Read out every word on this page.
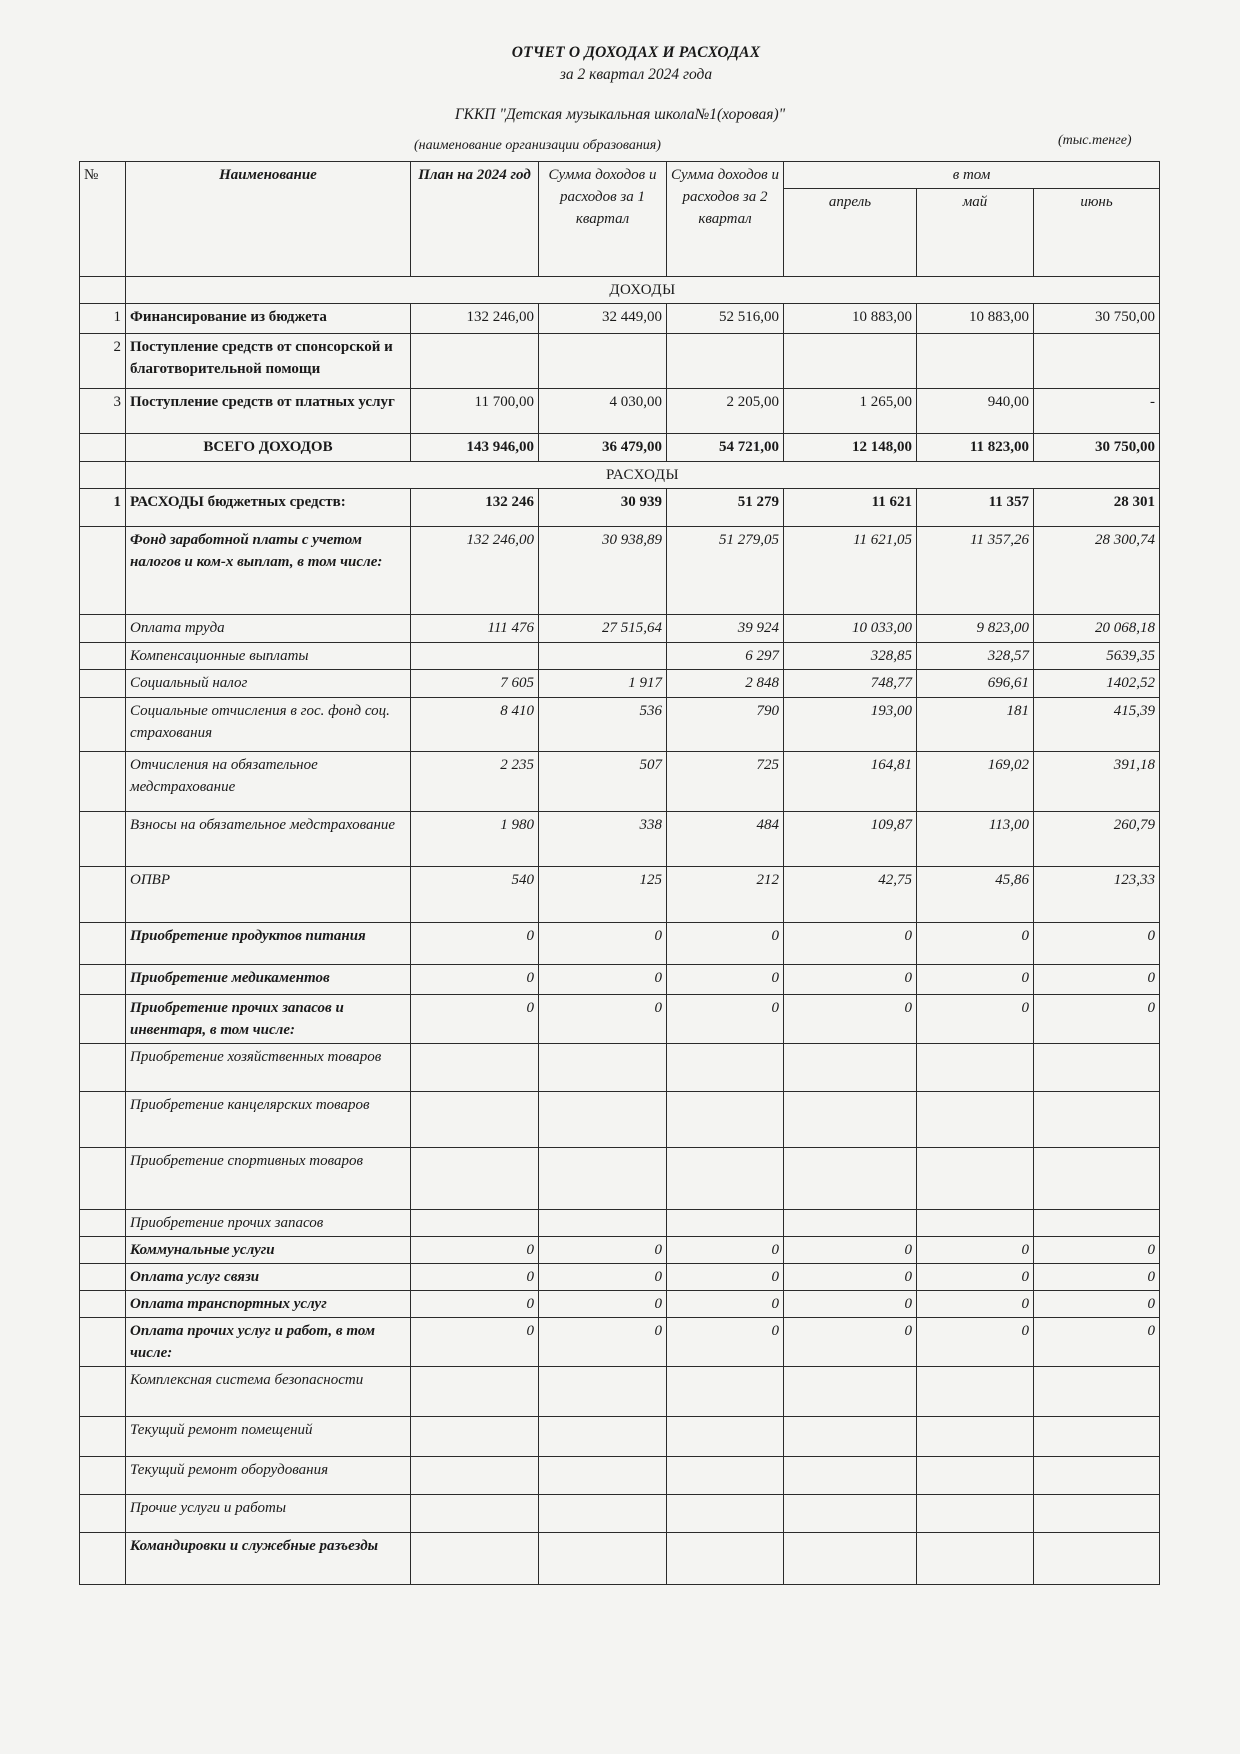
ОТЧЕТ О ДОХОДАХ И РАСХОДАХ
за 2 квартал 2024 года
ГККП "Детская музыкальная школа№1(хоровая)"
(наименование организации образования)	(тыс.тенге)
№	Наименование	План на 2024 год	Сумма доходов и расходов за 1 квартал	Сумма доходов и расходов за 2 квартал	в том		
					апрель	май	июнь
	ДОХОДЫ						
1	Финансирование из бюджета	132 246,00	32 449,00	52 516,00	10 883,00	10 883,00	30 750,00
2	Поступление средств от спонсорской и благотворительной помощи						
3	Поступление средств от платных услуг	11 700,00	4 030,00	2 205,00	1 265,00	940,00	-
	ВСЕГО ДОХОДОВ	143 946,00	36 479,00	54 721,00	12 148,00	11 823,00	30 750,00
	РАСХОДЫ						
1	РАСХОДЫ бюджетных средств:	132 246	30 939	51 279	11 621	11 357	28 301
	Фонд заработной платы с учетом налогов и ком-х выплат, в том числе:	132 246,00	30 938,89	51 279,05	11 621,05	11 357,26	28 300,74
	Оплата труда	111 476	27 515,64	39 924	10 033,00	9 823,00	20 068,18
	Компенсационные выплаты			6 297	328,85	328,57	5639,35
	Социальный налог	7 605	1 917	2 848	748,77	696,61	1402,52
	Социальные отчисления в гос. фонд соц. страхования	8 410	536	790	193,00	181	415,39
	Отчисления на обязательное медстрахование	2 235	507	725	164,81	169,02	391,18
	Взносы на обязательное медстрахование	1 980	338	484	109,87	113,00	260,79
	ОПВР	540	125	212	42,75	45,86	123,33
	Приобретение продуктов питания	0	0	0	0	0	0
	Приобретение медикаментов	0	0	0	0	0	0
	Приобретение прочих запасов и инвентаря, в том числе:	0	0	0	0	0	0
	Приобретение хозяйственных товаров						
	Приобретение канцелярских товаров						
	Приобретение спортивных товаров						
	Приобретение прочих запасов						
	Коммунальные услуги	0	0	0	0	0	0
	Оплата услуг связи	0	0	0	0	0	0
	Оплата транспортных услуг	0	0	0	0	0	0
	Оплата прочих услуг и работ, в том числе:	0	0	0	0	0	0
	Комплексная система безопасности						
	Текущий ремонт помещений						
	Текущий ремонт оборудования						
	Прочие услуги и работы						
	Командировки и служебные разъезды						
